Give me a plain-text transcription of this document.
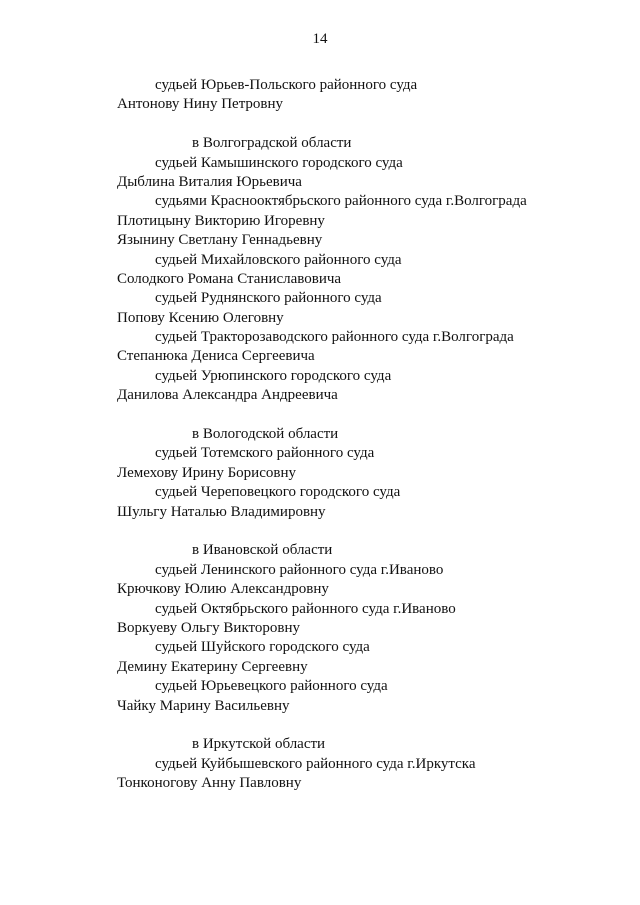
14
судьей Юрьев-Польского районного суда
Антонову Нину Петровну
в Волгоградской области
судьей Камышинского городского суда
Дыблина Виталия Юрьевича
судьями Краснооктябрьского районного суда г.Волгограда
Плотицыну Викторию Игоревну
Язынину Светлану Геннадьевну
судьей Михайловского районного суда
Солодкого Романа Станиславовича
судьей Руднянского районного суда
Попову Ксению Олеговну
судьей Тракторозаводского районного суда г.Волгограда
Степанюка Дениса Сергеевича
судьей Урюпинского городского суда
Данилова Александра Андреевича
в Вологодской области
судьей Тотемского районного суда
Лемехову Ирину Борисовну
судьей Череповецкого городского суда
Шульгу Наталью Владимировну
в Ивановской области
судьей Ленинского районного суда г.Иваново
Крючкову Юлию Александровну
судьей Октябрьского районного суда г.Иваново
Воркуеву Ольгу Викторовну
судьей Шуйского городского суда
Демину Екатерину Сергеевну
судьей Юрьевецкого районного суда
Чайку Марину Васильевну
в Иркутской области
судьей Куйбышевского районного суда г.Иркутска
Тонконогову Анну Павловну
